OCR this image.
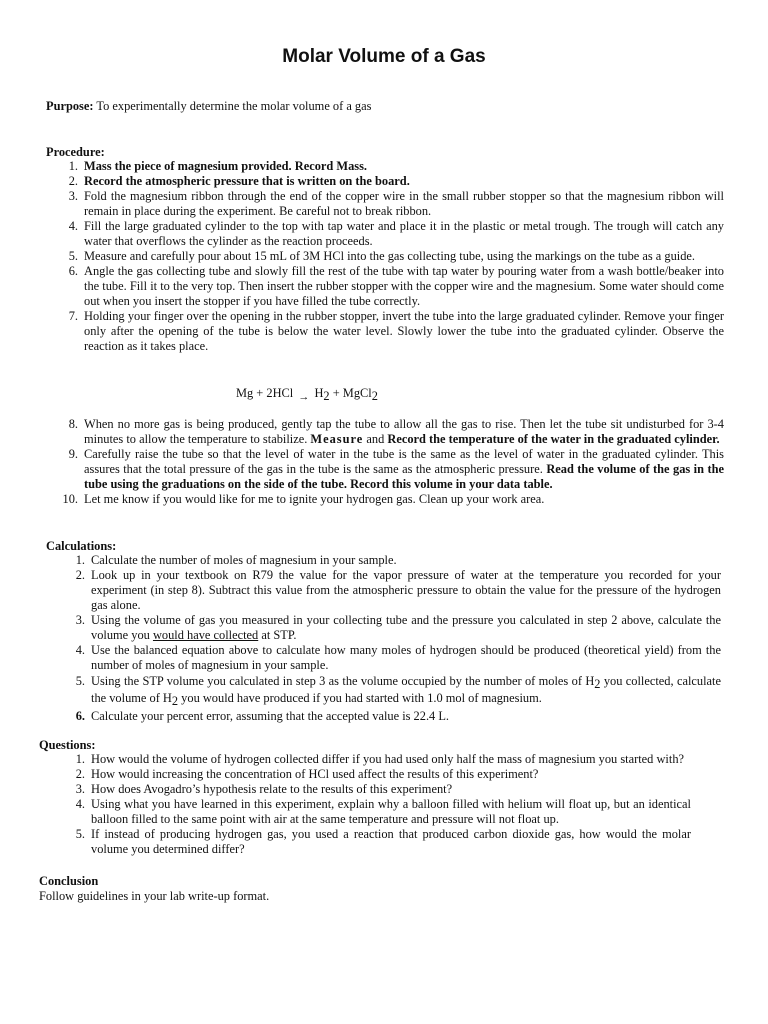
Molar Volume of a Gas
Purpose: To experimentally determine the molar volume of a gas
Procedure:
1. Mass the piece of magnesium provided. Record Mass.
2. Record the atmospheric pressure that is written on the board.
3. Fold the magnesium ribbon through the end of the copper wire in the small rubber stopper so that the magnesium ribbon will remain in place during the experiment. Be careful not to break ribbon.
4. Fill the large graduated cylinder to the top with tap water and place it in the plastic or metal trough. The trough will catch any water that overflows the cylinder as the reaction proceeds.
5. Measure and carefully pour about 15 mL of 3M HCl into the gas collecting tube, using the markings on the tube as a guide.
6. Angle the gas collecting tube and slowly fill the rest of the tube with tap water by pouring water from a wash bottle/beaker into the tube. Fill it to the very top. Then insert the rubber stopper with the copper wire and the magnesium. Some water should come out when you insert the stopper if you have filled the tube correctly.
7. Holding your finger over the opening in the rubber stopper, invert the tube into the large graduated cylinder. Remove your finger only after the opening of the tube is below the water level. Slowly lower the tube into the graduated cylinder. Observe the reaction as it takes place.
Mg + 2HCl → H2 + MgCl2
8. When no more gas is being produced, gently tap the tube to allow all the gas to rise. Then let the tube sit undisturbed for 3-4 minutes to allow the temperature to stabilize. Measure and Record the temperature of the water in the graduated cylinder.
9. Carefully raise the tube so that the level of water in the tube is the same as the level of water in the graduated cylinder. This assures that the total pressure of the gas in the tube is the same as the atmospheric pressure. Read the volume of the gas in the tube using the graduations on the side of the tube. Record this volume in your data table.
10. Let me know if you would like for me to ignite your hydrogen gas. Clean up your work area.
Calculations:
1. Calculate the number of moles of magnesium in your sample.
2. Look up in your textbook on R79 the value for the vapor pressure of water at the temperature you recorded for your experiment (in step 8). Subtract this value from the atmospheric pressure to obtain the value for the pressure of the hydrogen gas alone.
3. Using the volume of gas you measured in your collecting tube and the pressure you calculated in step 2 above, calculate the volume you would have collected at STP.
4. Use the balanced equation above to calculate how many moles of hydrogen should be produced (theoretical yield) from the number of moles of magnesium in your sample.
5. Using the STP volume you calculated in step 3 as the volume occupied by the number of moles of H2 you collected, calculate the volume of H2 you would have produced if you had started with 1.0 mol of magnesium.
6. Calculate your percent error, assuming that the accepted value is 22.4 L.
Questions:
1. How would the volume of hydrogen collected differ if you had used only half the mass of magnesium you started with?
2. How would increasing the concentration of HCl used affect the results of this experiment?
3. How does Avogadro’s hypothesis relate to the results of this experiment?
4. Using what you have learned in this experiment, explain why a balloon filled with helium will float up, but an identical balloon filled to the same point with air at the same temperature and pressure will not float up.
5. If instead of producing hydrogen gas, you used a reaction that produced carbon dioxide gas, how would the molar volume you determined differ?
Conclusion
Follow guidelines in your lab write-up format.
